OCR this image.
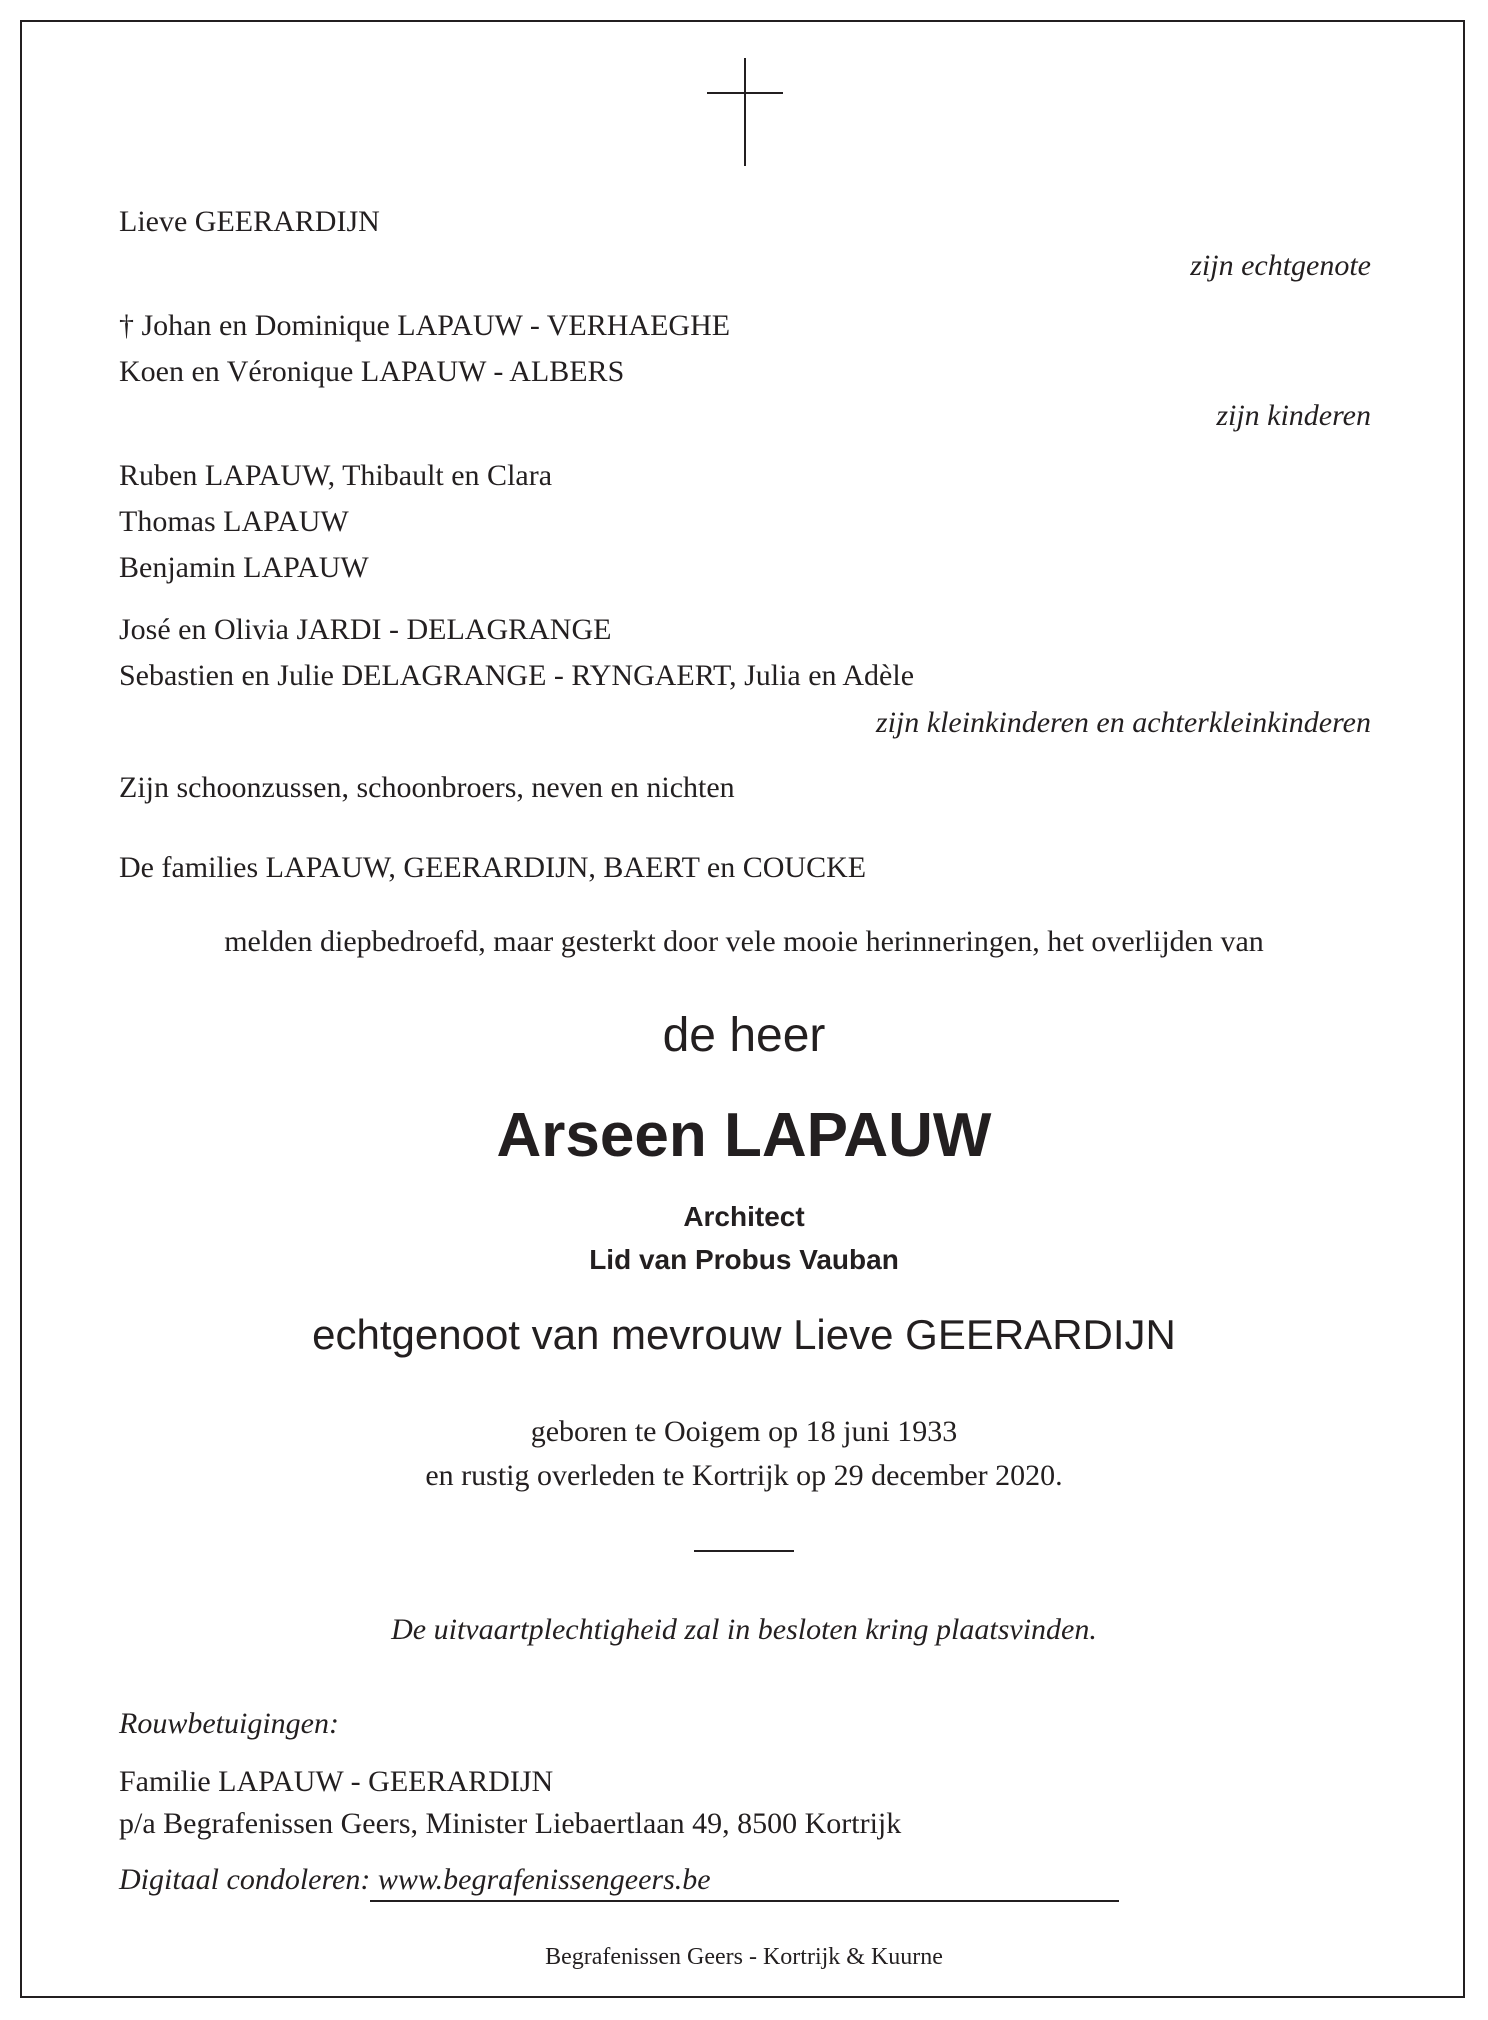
Lieve GEERARDIJN
zijn echtgenote
† Johan en Dominique LAPAUW - VERHAEGHE
Koen en Véronique LAPAUW - ALBERS
zijn kinderen
Ruben LAPAUW, Thibault en Clara
Thomas LAPAUW
Benjamin LAPAUW
José en Olivia JARDI - DELAGRANGE
Sebastien en Julie DELAGRANGE - RYNGAERT, Julia en Adèle
zijn kleinkinderen en achterkleinkinderen
Zijn schoonzussen, schoonbroers, neven en nichten
De families LAPAUW, GEERARDIJN, BAERT en COUCKE
melden diepbedroefd, maar gesterkt door vele mooie herinneringen, het overlijden van
de heer
Arseen LAPAUW
Architect
Lid van Probus Vauban
echtgenoot van mevrouw Lieve GEERARDIJN
geboren te Ooigem op 18 juni 1933
en rustig overleden te Kortrijk op 29 december 2020.
De uitvaartplechtigheid zal in besloten kring plaatsvinden.
Rouwbetuigingen:
Familie LAPAUW - GEERARDIJN
p/a Begrafenissen Geers, Minister Liebaertlaan 49, 8500 Kortrijk
Digitaal condoleren: www.begrafenissengeers.be
Begrafenissen Geers - Kortrijk & Kuurne
